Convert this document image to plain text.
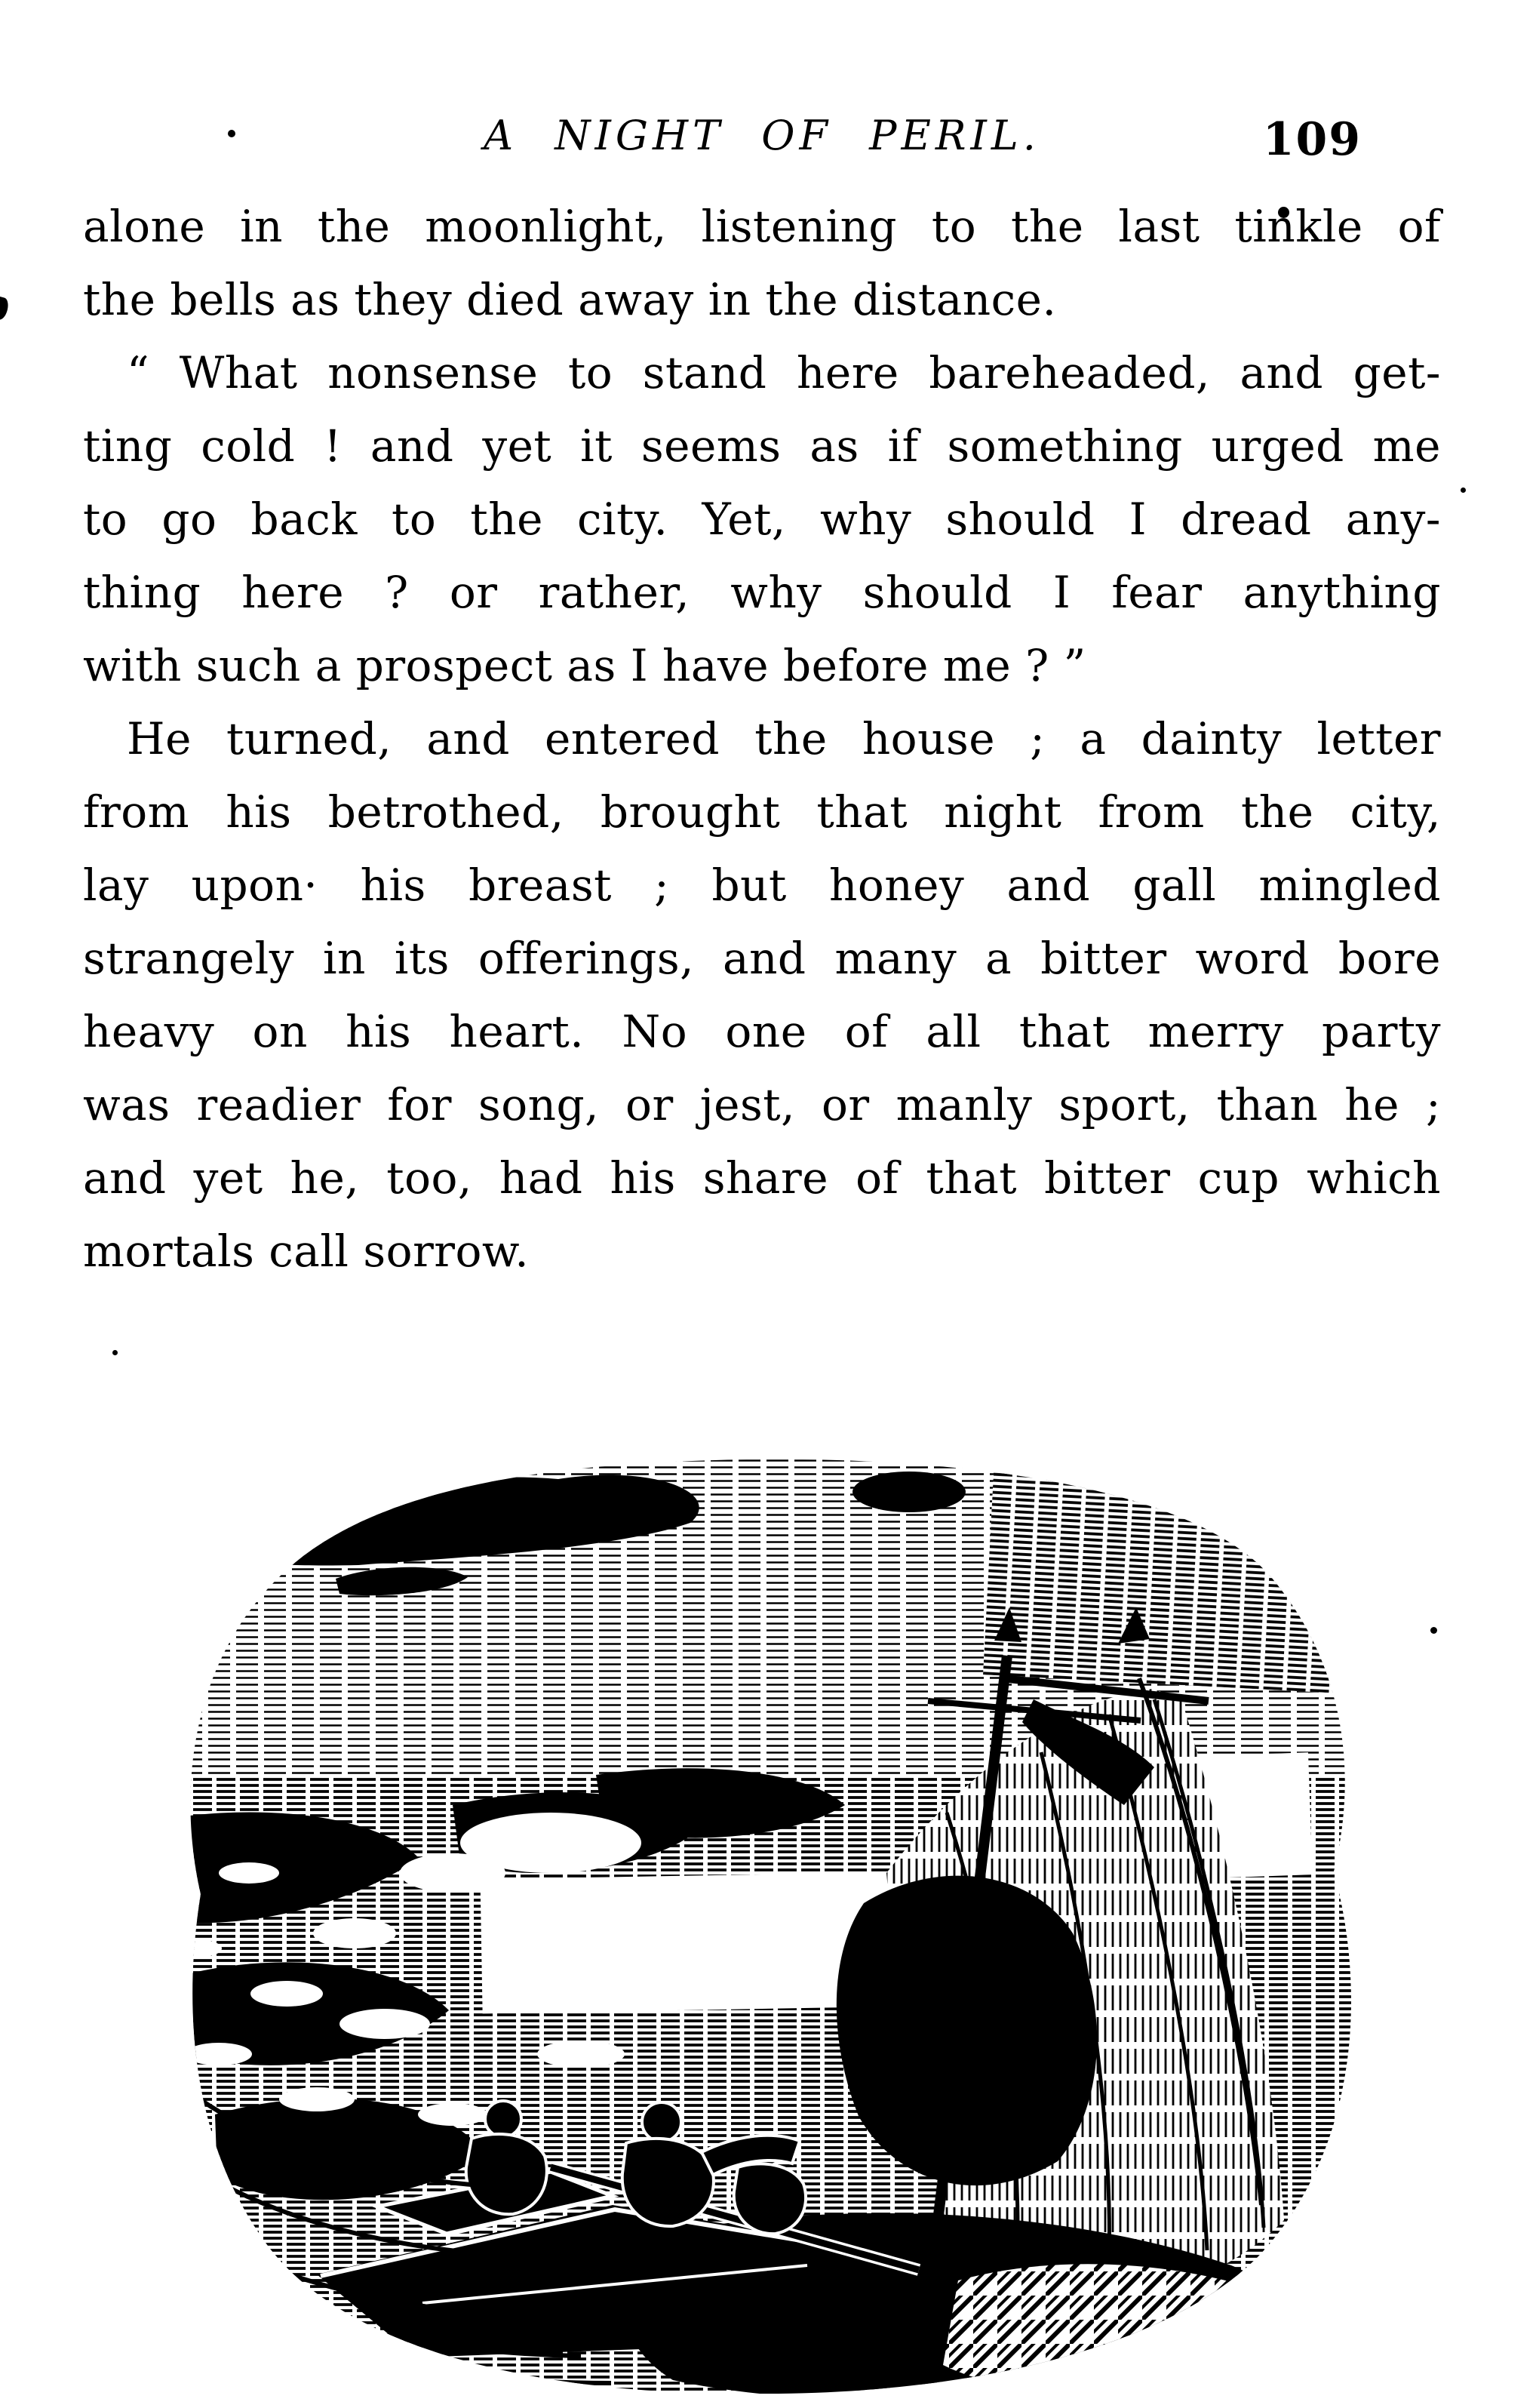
A NIGHT OF PERIL.	109
alone in the moonlight, listening to the last tinkle of
the bells as they died away in the distance.
“ What nonsense to stand here bareheaded, and get-
ting cold ! and yet it seems as if something urged me
to go back to the city. Yet, why should I dread any-
thing here ? or rather, why should I fear anything
with such a prospect as I have before me ? ”
He turned, and entered the house ; a dainty letter
from his betrothed, brought that night from the city,
lay upon· his breast ; but honey and gall mingled
strangely in its offerings, and many a bitter word bore
heavy on his heart. No one of all that merry party
was readier for song, or jest, or manly sport, than he ;
and yet he, too, had his share of that bitter cup which
mortals call sorrow.
